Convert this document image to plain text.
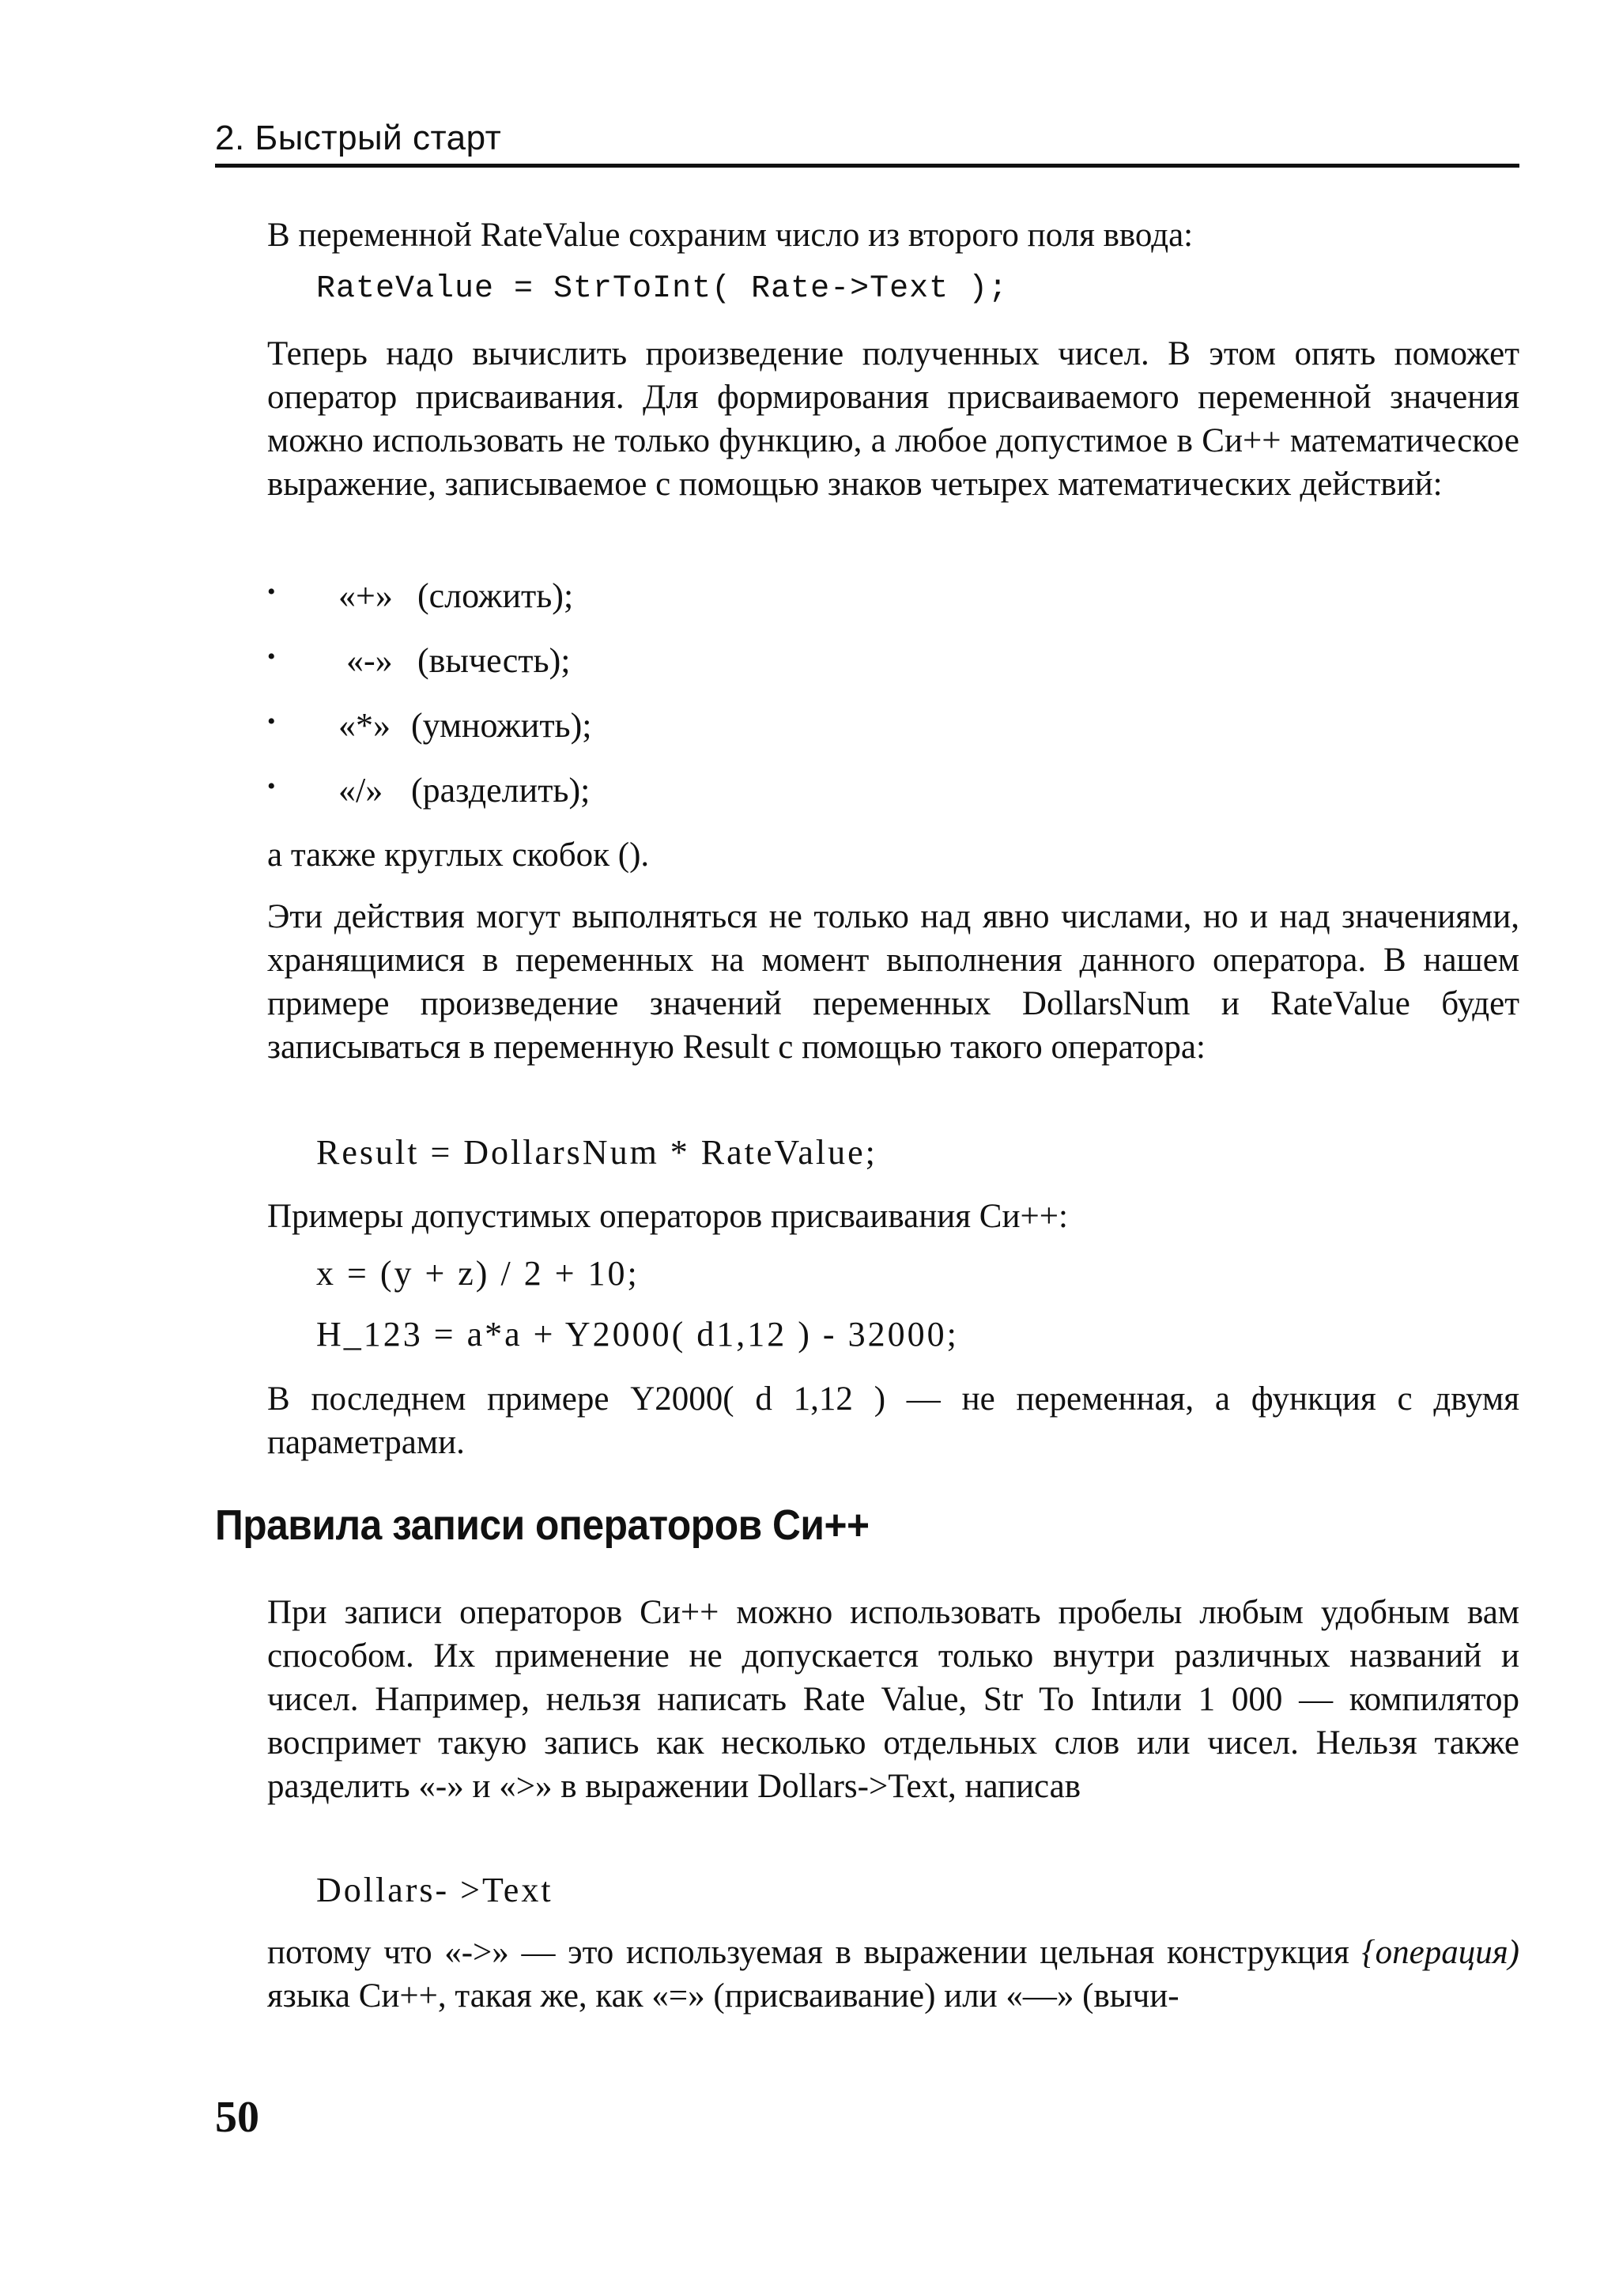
2. Быстрый старт

В переменной RateValue сохраним число из второго поля ввода:

RateValue = StrToInt( Rate->Text );

Теперь надо вычислить произведение полученных чисел. В этом опять поможет оператор присваивания. Для формирования присваиваемого переменной значения можно использовать не только функцию, а любое допустимое в Си++ математическое выражение, записываемое с помощью знаков четырех математических действий:

• «+» (сложить);
• «-» (вычесть);
• «*» (умножить);
• «/» (разделить);

а также круглых скобок ().

Эти действия могут выполняться не только над явно числами, но и над значениями, хранящимися в переменных на момент выполнения данного оператора. В нашем примере произведение значений переменных DollarsNum и RateValue будет записываться в переменную Result с помощью такого оператора:

Result = DollarsNum * RateValue;

Примеры допустимых операторов присваивания Си++:

x = (y + z) / 2 + 10;
H_123 = a*a + Y2000( d1,12 ) - 32000;

В последнем примере Y2000( d 1,12 ) — не переменная, а функция с двумя параметрами.

Правила записи операторов Си++

При записи операторов Си++ можно использовать пробелы любым удобным вам способом. Их применение не допускается только внутри различных названий и чисел. Например, нельзя написать Rate Value, Str To Intили 1 000 — компилятор воспримет такую запись как несколько отдельных слов или чисел. Нельзя также разделить «-» и «>» в выражении Dollars->Text, написав

Dollars- >Text

потому что «->» — это используемая в выражении цельная конструкция {операция) языка Си++, такая же, как «=» (присваивание) или «—» (вычи-

50
